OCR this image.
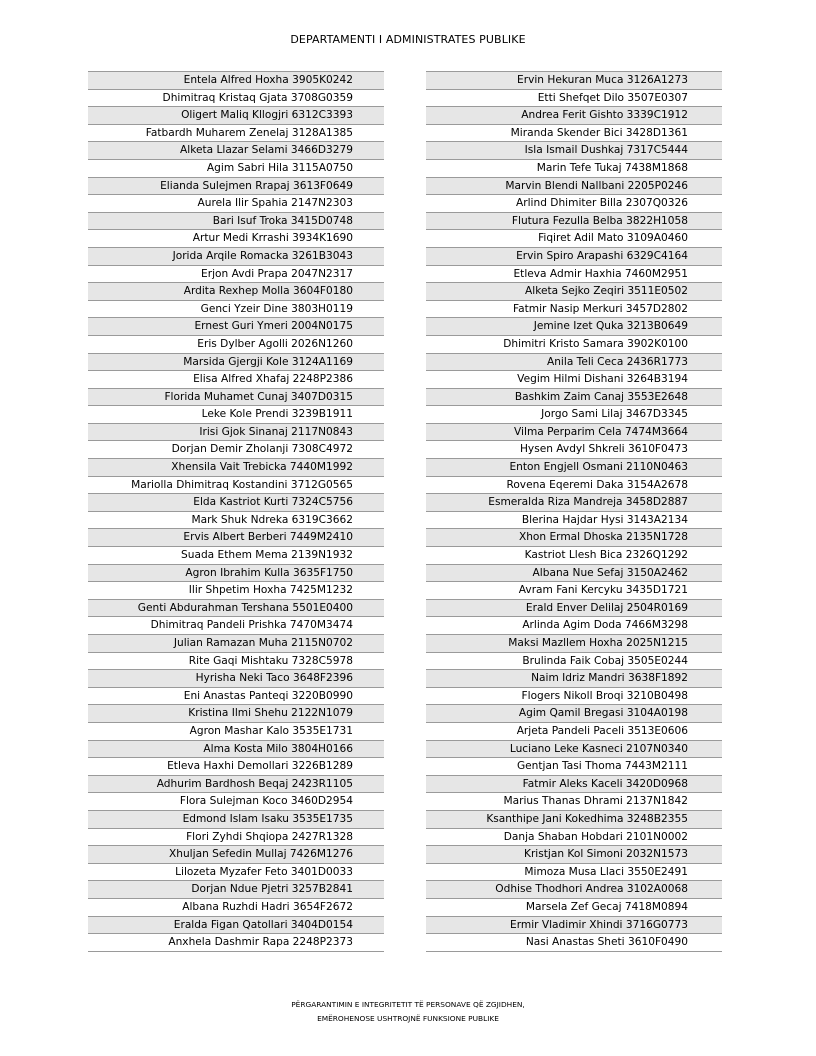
DEPARTAMENTI I ADMINISTRATES PUBLIKE
Entela Alfred Hoxha 3905K0242
Dhimitraq Kristaq Gjata 3708G0359
Oligert Maliq Kllogjri 6312C3393
Fatbardh Muharem Zenelaj 3128A1385
Alketa Llazar Selami 3466D3279
Agim Sabri Hila 3115A0750
Elianda Sulejmen Rrapaj 3613F0649
Aurela Ilir Spahia 2147N2303
Bari Isuf Troka 3415D0748
Artur Medi Krrashi 3934K1690
Jorida Arqile Romacka 3261B3043
Erjon Avdi Prapa 2047N2317
Ardita Rexhep Molla 3604F0180
Genci Yzeir Dine 3803H0119
Ernest Guri Ymeri 2004N0175
Eris Dylber Agolli 2026N1260
Marsida Gjergji Kole 3124A1169
Elisa Alfred Xhafaj 2248P2386
Florida Muhamet Cunaj 3407D0315
Leke Kole Prendi 3239B1911
Irisi Gjok Sinanaj 2117N0843
Dorjan Demir Zholanji 7308C4972
Xhensila Vait Trebicka 7440M1992
Mariolla Dhimitraq Kostandini 3712G0565
Elda Kastriot Kurti 7324C5756
Mark Shuk Ndreka 6319C3662
Ervis Albert Berberi 7449M2410
Suada Ethem Mema 2139N1932
Agron Ibrahim Kulla 3635F1750
Ilir Shpetim Hoxha 7425M1232
Genti Abdurahman Tershana 5501E0400
Dhimitraq Pandeli Prishka 7470M3474
Julian Ramazan Muha 2115N0702
Rite Gaqi Mishtaku 7328C5978
Hyrisha Neki Taco 3648F2396
Eni Anastas Panteqi 3220B0990
Kristina Ilmi Shehu 2122N1079
Agron Mashar Kalo 3535E1731
Alma Kosta Milo 3804H0166
Etleva Haxhi Demollari 3226B1289
Adhurim Bardhosh Beqaj 2423R1105
Flora Sulejman Koco 3460D2954
Edmond Islam Isaku 3535E1735
Flori Zyhdi Shqiopa 2427R1328
Xhuljan Sefedin Mullaj 7426M1276
Lilozeta Myzafer Feto 3401D0033
Dorjan Ndue Pjetri 3257B2841
Albana Ruzhdi Hadri 3654F2672
Eralda Figan Qatollari 3404D0154
Anxhela Dashmir Rapa 2248P2373
Ervin Hekuran Muca 3126A1273
Etti Shefqet Dilo 3507E0307
Andrea Ferit Gishto 3339C1912
Miranda Skender Bici 3428D1361
Isla Ismail Dushkaj 7317C5444
Marin Tefe Tukaj 7438M1868
Marvin Blendi Nallbani 2205P0246
Arlind Dhimiter Billa 2307Q0326
Flutura Fezulla Belba 3822H1058
Fiqiret Adil Mato 3109A0460
Ervin Spiro Arapashi 6329C4164
Etleva Admir Haxhia 7460M2951
Alketa Sejko Zeqiri 3511E0502
Fatmir Nasip Merkuri 3457D2802
Jemine Izet Quka 3213B0649
Dhimitri Kristo Samara 3902K0100
Anila Teli Ceca 2436R1773
Vegim Hilmi Dishani 3264B3194
Bashkim Zaim Canaj 3553E2648
Jorgo Sami Lilaj 3467D3345
Vilma Perparim Cela 7474M3664
Hysen Avdyl Shkreli 3610F0473
Enton Engjell Osmani 2110N0463
Rovena Eqeremi Daka 3154A2678
Esmeralda Riza Mandreja 3458D2887
Blerina Hajdar Hysi 3143A2134
Xhon Ermal Dhoska 2135N1728
Kastriot Llesh Bica 2326Q1292
Albana Nue Sefaj 3150A2462
Avram Fani Kercyku 3435D1721
Erald Enver Delilaj 2504R0169
Arlinda Agim Doda 7466M3298
Maksi Mazllem Hoxha 2025N1215
Brulinda Faik Cobaj 3505E0244
Naim Idriz Mandri 3638F1892
Flogers Nikoll Broqi 3210B0498
Agim Qamil Bregasi 3104A0198
Arjeta Pandeli Paceli 3513E0606
Luciano Leke Kasneci 2107N0340
Gentjan Tasi Thoma 7443M2111
Fatmir Aleks Kaceli 3420D0968
Marius Thanas Dhrami 2137N1842
Ksanthipe Jani Kokedhima 3248B2355
Danja Shaban Hobdari 2101N0002
Kristjan Kol Simoni 2032N1573
Mimoza Musa Llaci 3550E2491
Odhise Thodhori Andrea 3102A0068
Marsela Zef Gecaj 7418M0894
Ermir Vladimir Xhindi 3716G0773
Nasi Anastas Sheti 3610F0490
PËRGARANTIMIN E INTEGRITETIT TË PERSONAVE QË ZGJIDHEN,
EMËROHENOSE USHTROJNË FUNKSIONE PUBLIKE
